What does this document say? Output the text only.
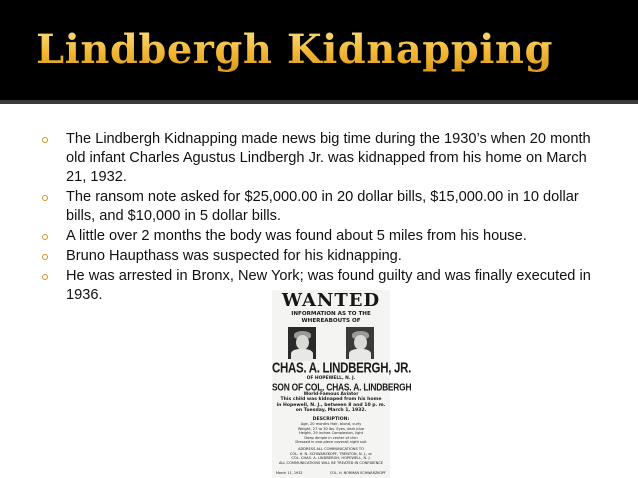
Lindbergh Kidnapping
The Lindbergh Kidnapping made news big time during the 1930’s when 20 month old infant Charles Agustus Lindbergh Jr. was kidnapped from his home on March 21, 1932.
The ransom note asked for $25,000.00 in 20 dollar bills, $15,000.00 in 10 dollar bills, and $10,000 in 5 dollar bills.
A little over 2 months the body was found about 5 miles from his house.
Bruno Haupthass was suspected for his kidnapping.
He was arrested in Bronx, New York; was found guilty and was finally executed in 1936.	WANTED
INFORMATION AS TO THE
WHEREABOUTS OF
CHAS. A. LINDBERGH, JR.
OF HOPEWELL, N. J.
SON OF COL. CHAS. A. LINDBERGH
World-Famous Aviator
This child was kidnaped from his home
in Hopewell, N. J., between 8 and 10 p. m.
on Tuesday, March 1, 1932.
DESCRIPTION:
Age, 20 months Hair, blond, curly
Weight, 27 to 30 lbs. Eyes, dark blue
Height, 29 inches Complexion, light
Deep dimple in center of chin
Dressed in one-piece coverall night suit
ADDRESS ALL COMMUNICATIONS TO
COL. H. N. SCHWARZKOPF, TRENTON, N. J., or
COL. CHAS. A. LINDBERGH, HOPEWELL, N. J.
ALL COMMUNICATIONS WILL BE TREATED IN CONFIDENCE
March 11, 1932	COL. H. NORMAN SCHWARZKOPF
